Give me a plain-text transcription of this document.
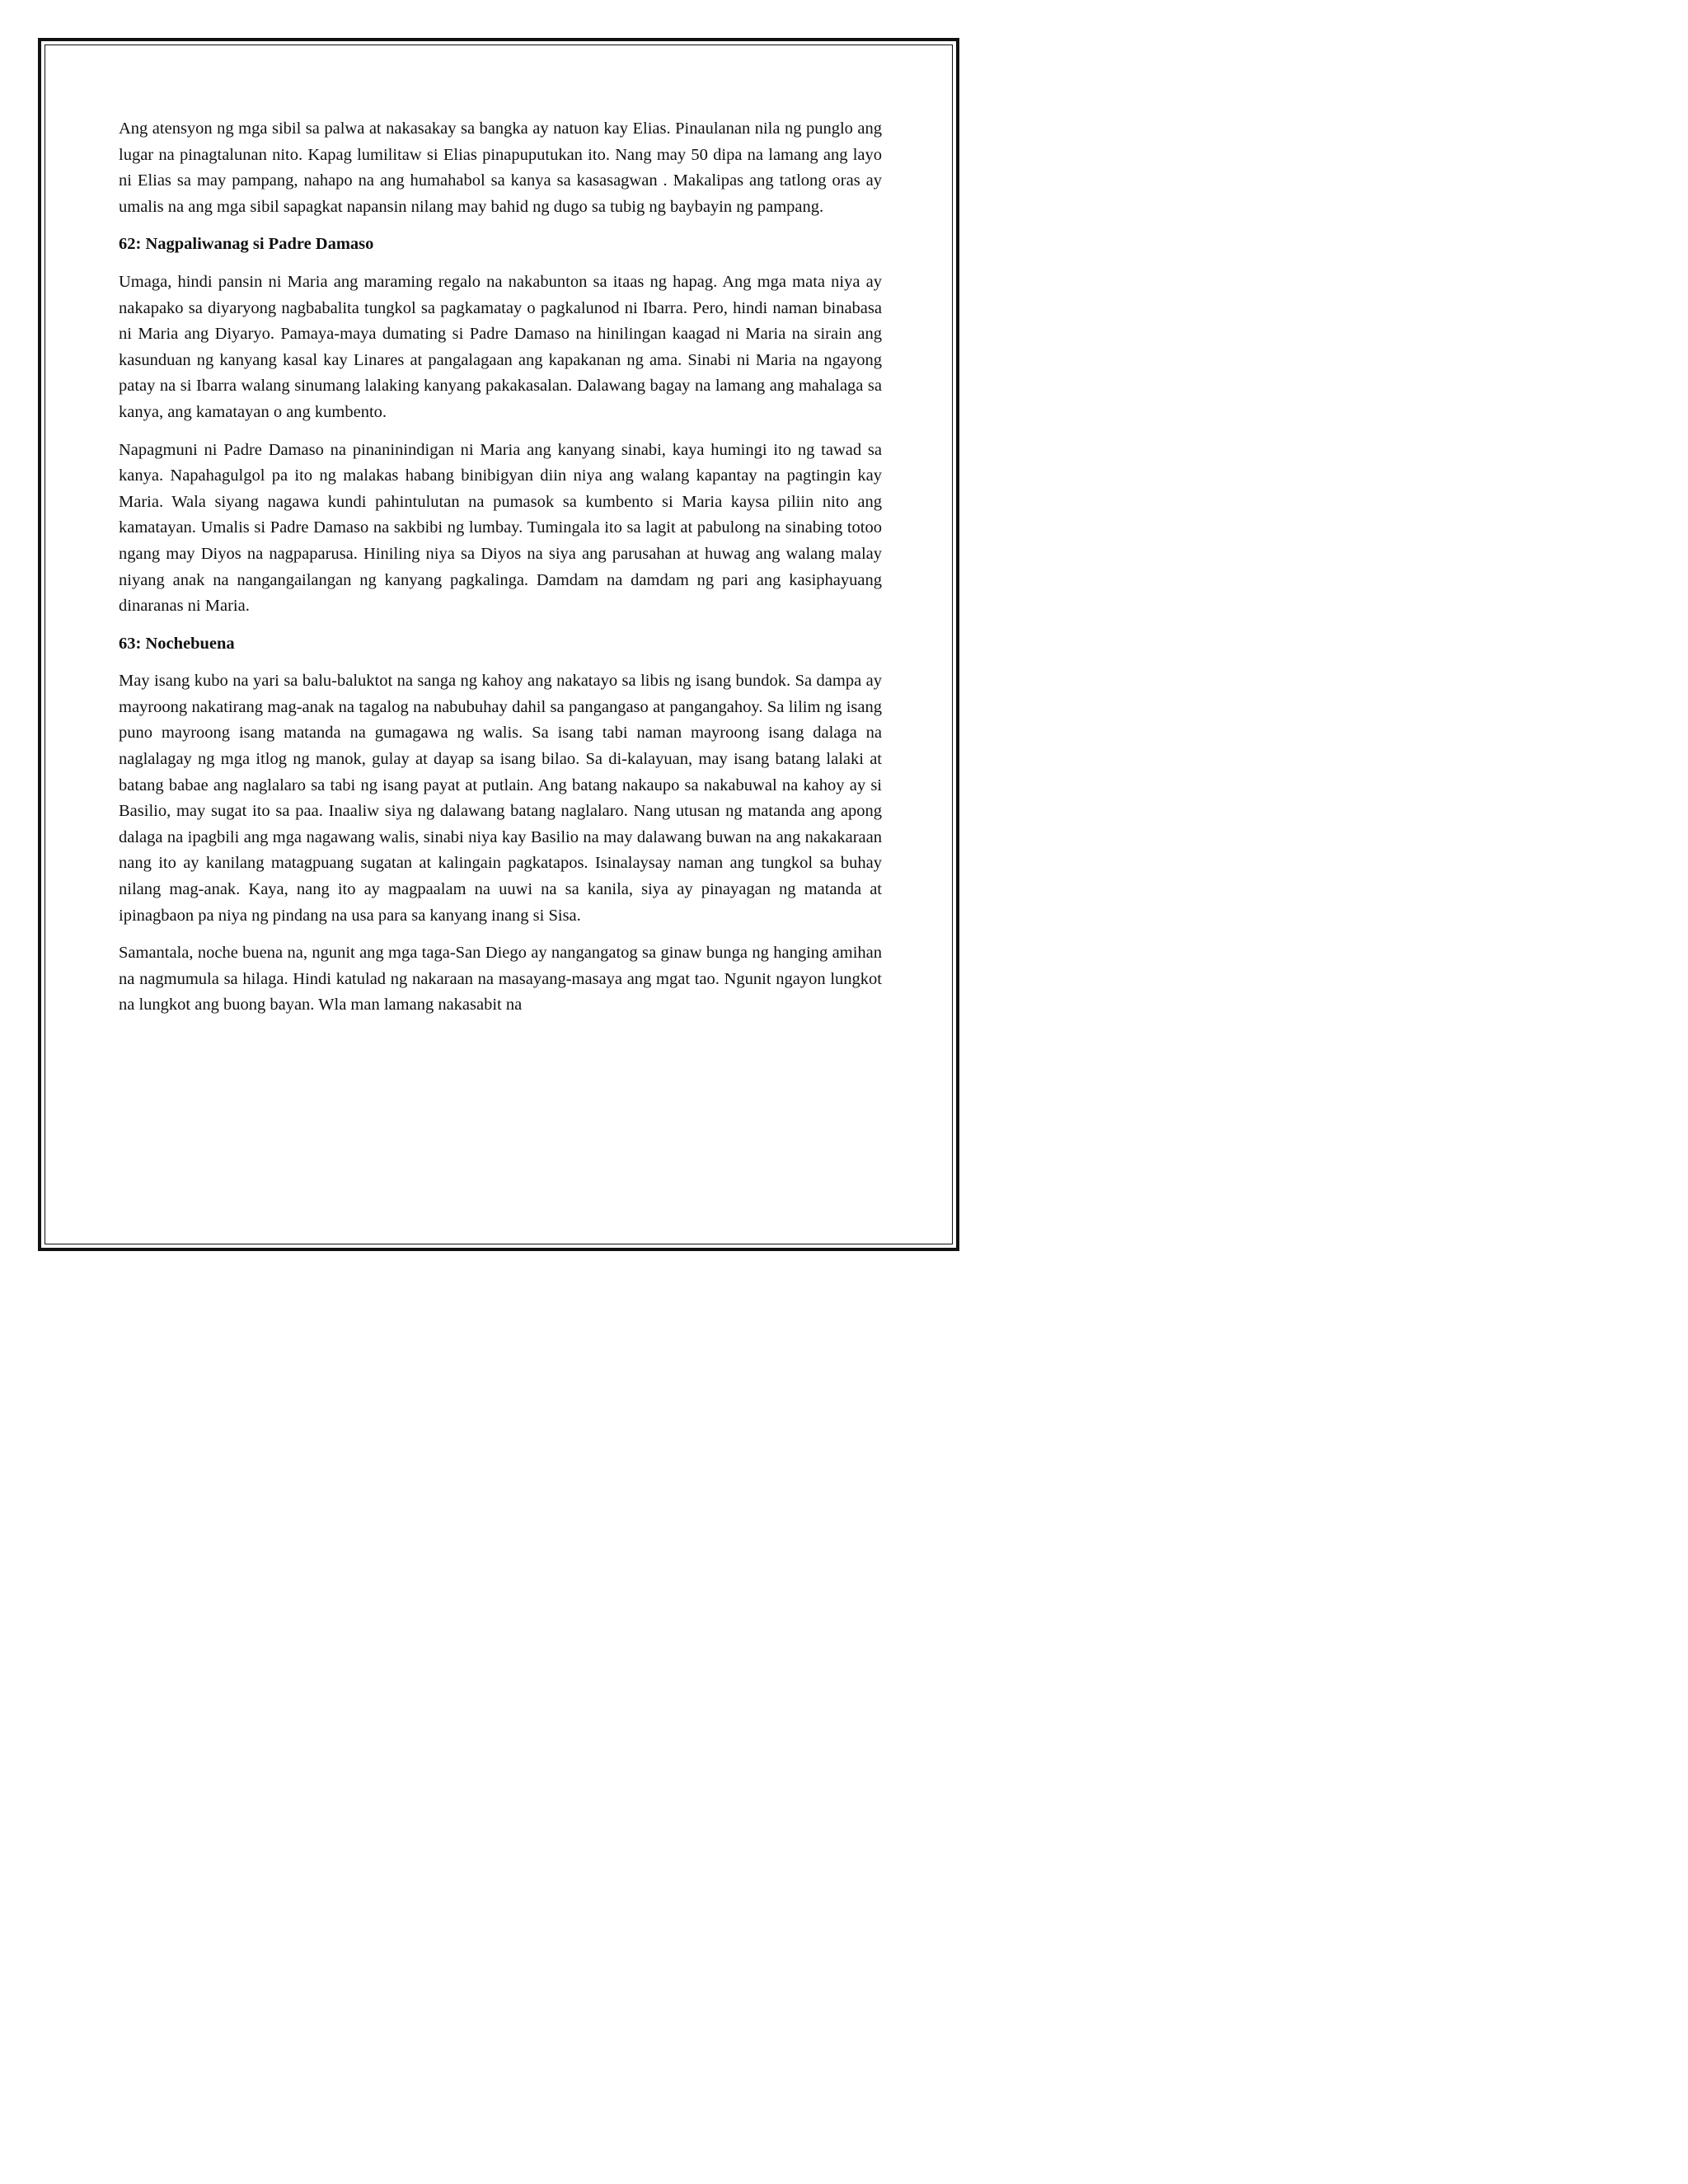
Ang atensyon ng mga sibil sa palwa at nakasakay sa bangka ay natuon kay Elias. Pinaulanan nila ng punglo ang lugar na pinagtalunan nito. Kapag lumilitaw si Elias pinapuputukan ito. Nang may 50 dipa na lamang ang layo ni Elias sa may pampang, nahapo na ang humahabol sa kanya sa kasasagwan . Makalipas ang tatlong oras ay umalis na ang mga sibil sapagkat napansin nilang may bahid ng dugo sa tubig ng baybayin ng pampang.

62: Nagpaliwanag si Padre Damaso

Umaga, hindi pansin ni Maria ang maraming regalo na nakabunton sa itaas ng hapag. Ang mga mata niya ay nakapako sa diyaryong nagbabalita tungkol sa pagkamatay o pagkalunod ni Ibarra. Pero, hindi naman binabasa ni Maria ang Diyaryo. Pamaya-maya dumating si Padre Damaso na hinilingan kaagad ni Maria na sirain ang kasunduan ng kanyang kasal kay Linares at pangalagaan ang kapakanan ng ama. Sinabi ni Maria na ngayong patay na si Ibarra walang sinumang lalaking kanyang pakakasalan. Dalawang bagay na lamang ang mahalaga sa kanya, ang kamatayan o ang kumbento.

Napagmuni ni Padre Damaso na pinaninindigan ni Maria ang kanyang sinabi, kaya humingi ito ng tawad sa kanya. Napahagulgol pa ito ng malakas habang binibigyan diin niya ang walang kapantay na pagtingin kay Maria. Wala siyang nagawa kundi pahintulutan na pumasok sa kumbento si Maria kaysa piliin nito ang kamatayan. Umalis si Padre Damaso na sakbibi ng lumbay. Tumingala ito sa lagit at pabulong na sinabing totoo ngang may Diyos na nagpaparusa. Hiniling niya sa Diyos na siya ang parusahan at huwag ang walang malay niyang anak na nangangailangan ng kanyang pagkalinga. Damdam na damdam ng pari ang kasiphayuang dinaranas ni Maria.

63: Nochebuena

May isang kubo na yari sa balu-baluktot na sanga ng kahoy ang nakatayo sa libis ng isang bundok. Sa dampa ay mayroong nakatirang mag-anak na tagalog na nabubuhay dahil sa pangangaso at pangangahoy. Sa lilim ng isang puno mayroong isang matanda na gumagawa ng walis. Sa isang tabi naman mayroong isang dalaga na naglalagay ng mga itlog ng manok, gulay at dayap sa isang bilao. Sa di-kalayuan, may isang batang lalaki at batang babae ang naglalaro sa tabi ng isang payat at putlain. Ang batang nakaupo sa nakabuwal na kahoy ay si Basilio, may sugat ito sa paa. Inaaliw siya ng dalawang batang naglalaro. Nang utusan ng matanda ang apong dalaga na ipagbili ang mga nagawang walis, sinabi niya kay Basilio na may dalawang buwan na ang nakakaraan nang ito ay kanilang matagpuang sugatan at kalingain pagkatapos. Isinalaysay naman ang tungkol sa buhay nilang mag-anak. Kaya, nang ito ay magpaalam na uuwi na sa kanila, siya ay pinayagan ng matanda at ipinagbaon pa niya ng pindang na usa para sa kanyang inang si Sisa.

Samantala, noche buena na, ngunit ang mga taga-San Diego ay nangangatog sa ginaw bunga ng hanging amihan na nagmumula sa hilaga. Hindi katulad ng nakaraan na masayang-masaya ang mgat tao. Ngunit ngayon lungkot na lungkot ang buong bayan. Wla man lamang nakasabit na
